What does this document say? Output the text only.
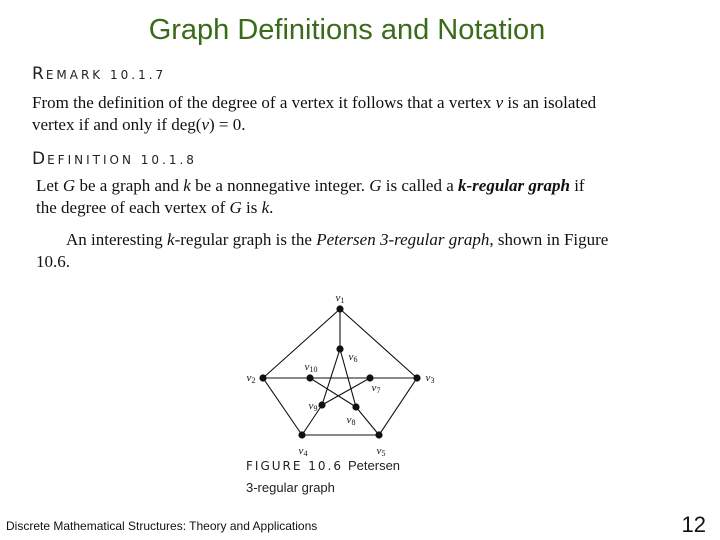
Graph Definitions and Notation
REMARK 10.1.7
From the definition of the degree of a vertex it follows that a vertex v is an isolated
vertex if and only if deg(v) = 0.
DEFINITION 10.1.8
Let G be a graph and k be a nonnegative integer. G is called a k-regular graph if
the degree of each vertex of G is k.
An interesting k-regular graph is the Petersen 3-regular graph, shown in Figure
10.6.
$v_1$
$v_2$	$v_3$
$v_4$	$v_5$
$v_6$
$v_7$
$v_8$
$v_9$
$v_{10}$
FIGURE 10.6 Petersen
3-regular graph
Discrete Mathematical Structures: Theory and Applications	12
